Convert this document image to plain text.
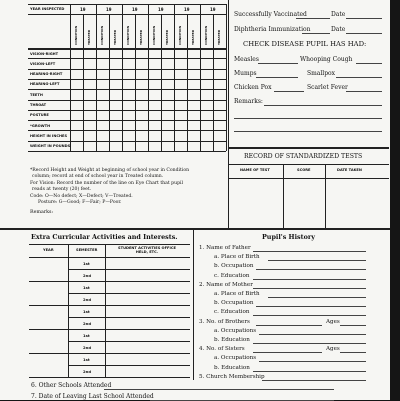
YEAR INSPECTED	19	19	19	19	19	19
CONDITION	TREATED	CONDITION	TREATED	CONDITION	TREATED	CONDITION	TREATED	CONDITION	TREATED	CONDITION	TREATED
VISION-RIGHT
VISION-LEFT
HEARING-RIGHT
HEARING-LEFT
TEETH
THROAT
POSTURE
*GROWTH
HEIGHT IN INCHES
WEIGHT IN POUNDS
*Record Height and Weight at beginning of school year in Condition
column; record at end of school year in Treated column.
For Vision: Record the number of the line on Eye Chart that pupil
reads at twenty (20) feet.
Code: O—No defect; X—Defect; V—Treated.
Posture: G—Good; F—Fair; P—Poor.
Remarks:
Successfully Vaccinated	Date
Diphtheria Immunization	Date
CHECK DISEASE PUPIL HAS HAD:
Measles	Whooping Cough
Mumps	Smallpox
Chicken Pox	Scarlet Fever
Remarks:
RECORD OF STANDARDIZED TESTS
NAME OF TEST	SCORE	DATE TAKEN
Extra Curricular Activities and Interests.
YEAR	SEMESTER	STUDENT ACTIVITIES OFFICE HELD, ETC.
1st
2nd
1st
2nd
1st
2nd
1st
2nd
1st
2nd
Pupil's History
1. Name of Father
a. Place of Birth
b. Occupation
c. Education
2. Name of Mother
a. Place of Birth
b. Occupation
c. Education
3. No. of Brothers	Ages
a. Occupations
b. Education
4. No. of Sisters	Ages
a. Occupations
b. Education
5. Church Membership
6. Other Schools Attended
7. Date of Leaving Last School Attended
